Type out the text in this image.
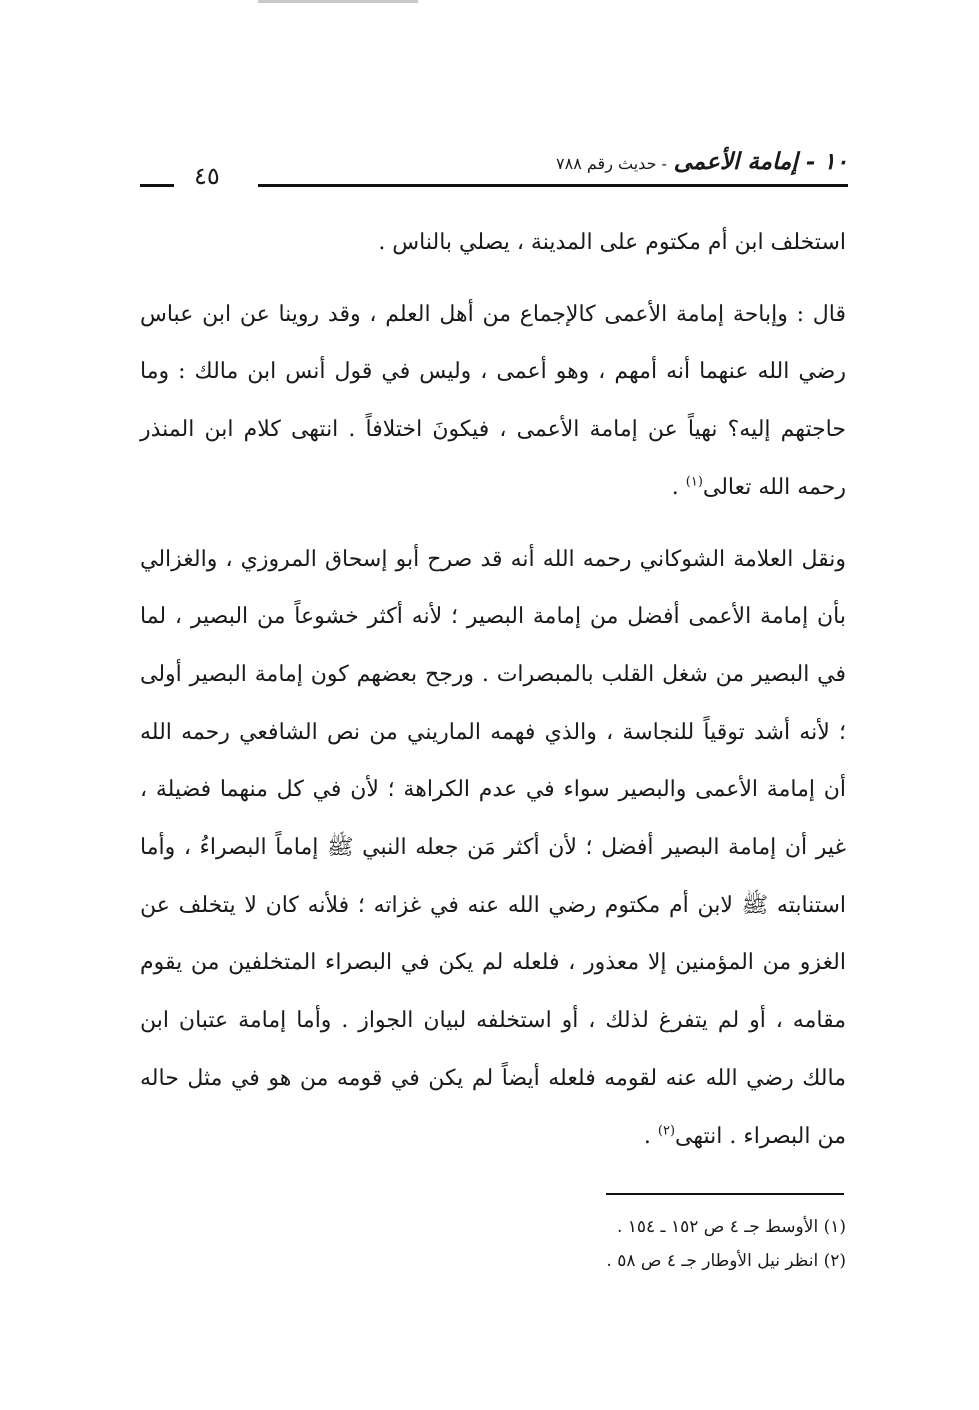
١٠ - إمامة الأعمى - حديث رقم ٧٨٨
٤٥

استخلف ابن أم مكتوم على المدينة ، يصلي بالناس .

قال : وإباحة إمامة الأعمى كالإجماع من أهل العلم ، وقد روينا عن ابن عباس رضي الله عنهما أنه أمهم ، وهو أعمى ، وليس في قول أنس ابن مالك : وما حاجتهم إليه؟ نهياً عن إمامة الأعمى ، فيكونَ اختلافاً . انتهى كلام ابن المنذر رحمه الله تعالى$^{(١)}$ .

ونقل العلامة الشوكاني رحمه الله أنه قد صرح أبو إسحاق المروزي ، والغزالي بأن إمامة الأعمى أفضل من إمامة البصير ؛ لأنه أكثر خشوعاً من البصير ، لما في البصير من شغل القلب بالمبصرات . ورجح بعضهم كون إمامة البصير أولى ؛ لأنه أشد توقياً للنجاسة ، والذي فهمه الماريني من نص الشافعي رحمه الله أن إمامة الأعمى والبصير سواء في عدم الكراهة ؛ لأن في كل منهما فضيلة ، غير أن إمامة البصير أفضل ؛ لأن أكثر مَن جعله النبي ﷺ إماماً البصراءُ ، وأما استنابته ﷺ لابن أم مكتوم رضي الله عنه في غزاته ؛ فلأنه كان لا يتخلف عن الغزو من المؤمنين إلا معذور ، فلعله لم يكن في البصراء المتخلفين من يقوم مقامه ، أو لم يتفرغ لذلك ، أو استخلفه لبيان الجواز . وأما إمامة عتبان ابن مالك رضي الله عنه لقومه فلعله أيضاً لم يكن في قومه من هو في مثل حاله من البصراء . انتهى$^{(٢)}$ .

(١) الأوسط جـ ٤ ص ١٥٢ ـ ١٥٤ .

(٢) انظر نيل الأوطار جـ ٤ ص ٥٨ .
